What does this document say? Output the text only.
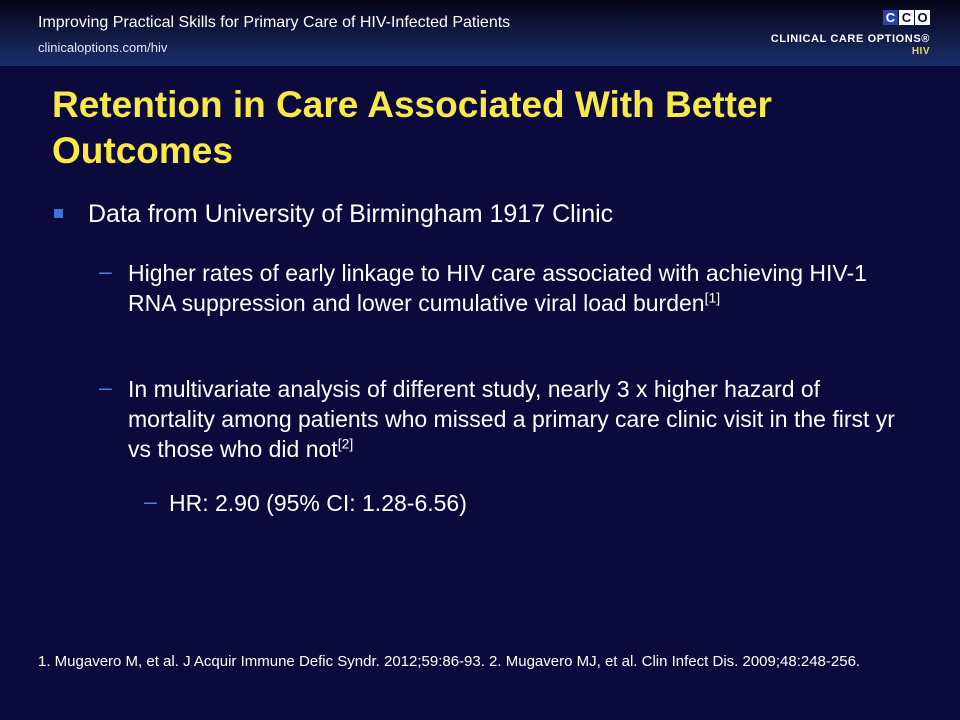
Improving Practical Skills for Primary Care of HIV-Infected Patients
clinicaloptions.com/hiv
C C O
CLINICAL CARE OPTIONS®
HIV
Retention in Care Associated With Better Outcomes
Data from University of Birmingham 1917 Clinic
– Higher rates of early linkage to HIV care associated with achieving HIV-1 RNA suppression and lower cumulative viral load burden[1]
– In multivariate analysis of different study, nearly 3 x higher hazard of mortality among patients who missed a primary care clinic visit in the first yr vs those who did not[2]
– HR: 2.90 (95% CI: 1.28-6.56)
1. Mugavero M, et al. J Acquir Immune Defic Syndr. 2012;59:86-93. 2. Mugavero MJ, et al. Clin Infect Dis. 2009;48:248-256.
